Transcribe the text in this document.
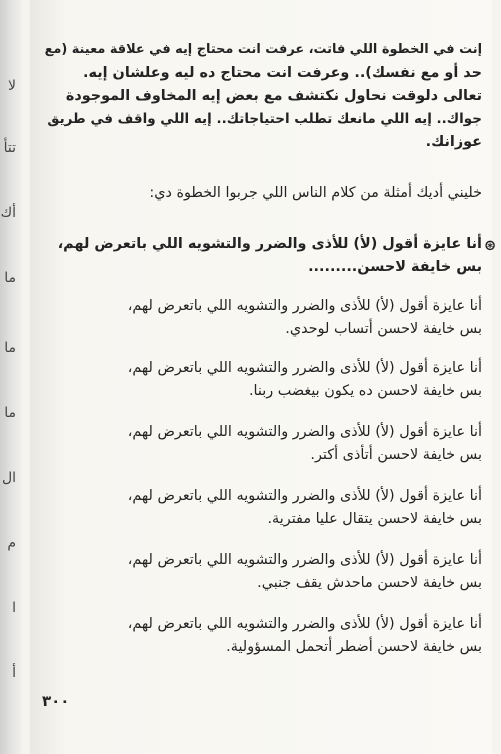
لا
تتأ
أك
ما
ما
ما
ال
م
ا
أ
إنت في الخطوة اللي فاتت، عرفت انت محتاج إيه في علاقة معينة (مع
حد أو مع نفسك).. وعرفت انت محتاج ده ليه وعلشان إيه.
تعالى دلوقت نحاول نكتشف مع بعض إيه المخاوف الموجودة
جواك.. إيه اللي مانعك تطلب احتياجاتك.. إيه اللي واقف في طريق
عوزانك.
خليني أديك أمثلة من كلام الناس اللي جربوا الخطوة دي:
⊛
أنا عايزة أقول (لأ) للأذى والضرر والتشويه اللي باتعرض لهم،
بس خايفة لاحسن.........
أنا عايزة أقول (لأ) للأذى والضرر والتشويه اللي باتعرض لهم،
بس خايفة لاحسن أتساب لوحدي.
أنا عايزة أقول (لأ) للأذى والضرر والتشويه اللي باتعرض لهم،
بس خايفة لاحسن ده يكون بيغضب ربنا.
أنا عايزة أقول (لأ) للأذى والضرر والتشويه اللي باتعرض لهم،
بس خايفة لاحسن أتأذى أكتر.
أنا عايزة أقول (لأ) للأذى والضرر والتشويه اللي باتعرض لهم،
بس خايفة لاحسن يتقال عليا مفترية.
أنا عايزة أقول (لأ) للأذى والضرر والتشويه اللي باتعرض لهم،
بس خايفة لاحسن ماحدش يقف جنبي.
أنا عايزة أقول (لأ) للأذى والضرر والتشويه اللي باتعرض لهم،
بس خايفة لاحسن أضطر أتحمل المسؤولية.
٣٠٠
